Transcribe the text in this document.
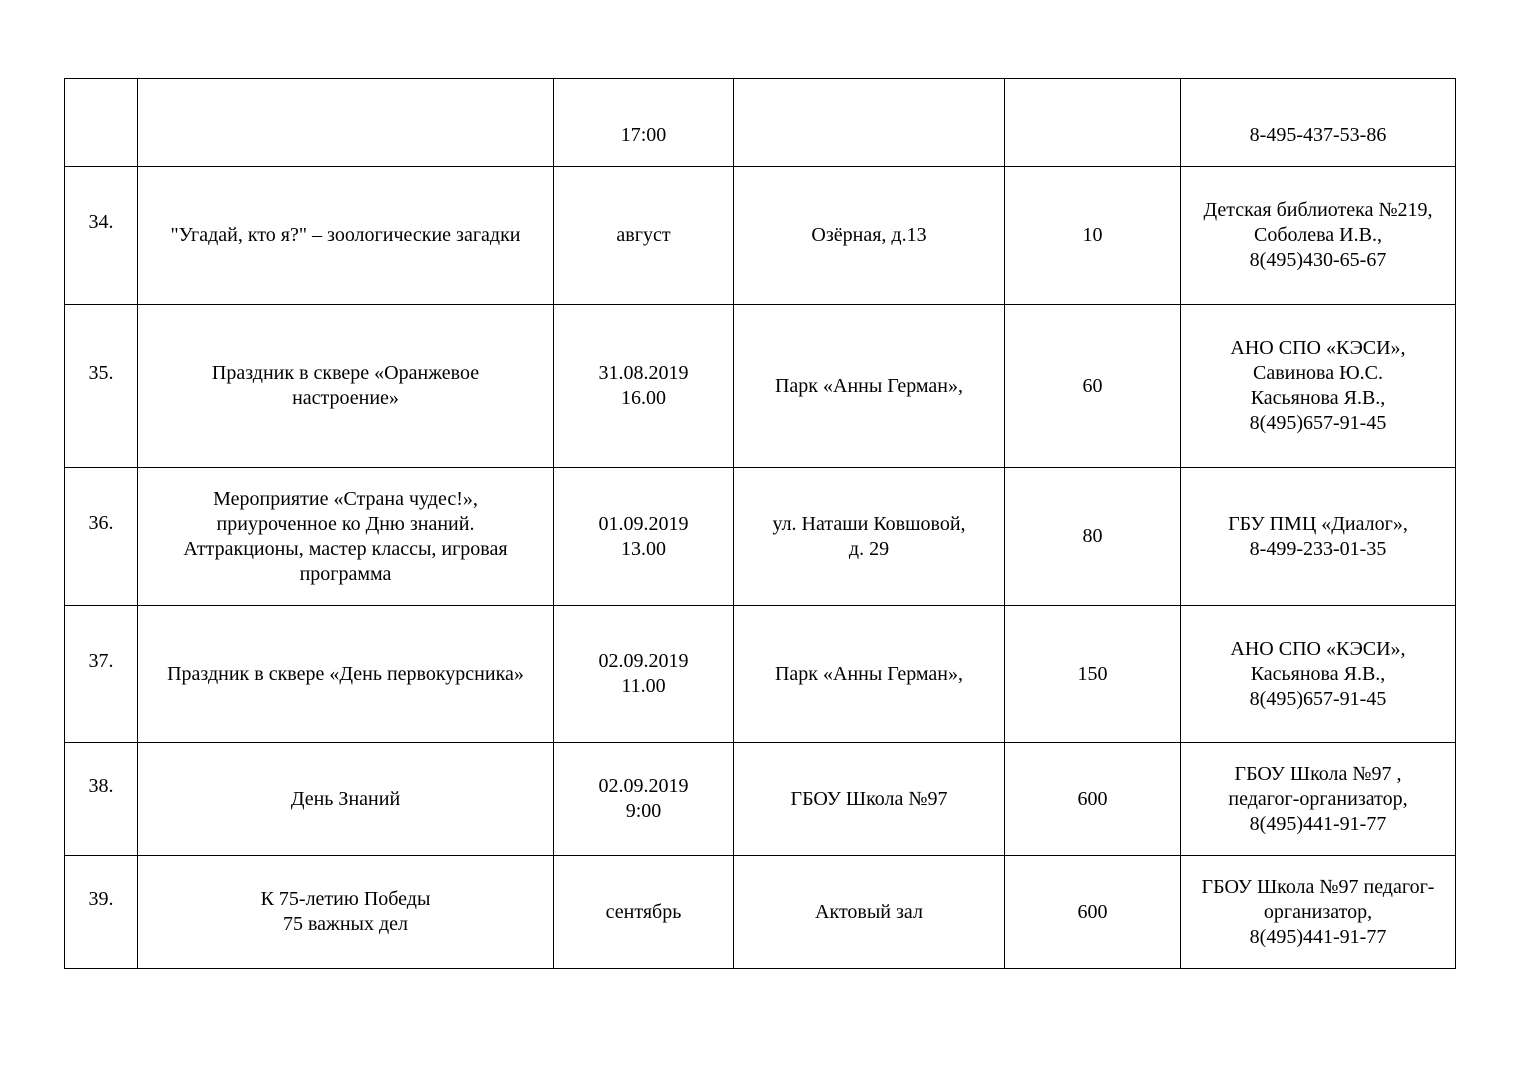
		17:00			8-495-437-53-86
34.	"Угадай, кто я?" – зоологические загадки	август	Озёрная, д.13	10	Детская библиотека №219,
Соболева И.В.,
8(495)430-65-67
35.	Праздник в сквере «Оранжевое
настроение»	31.08.2019
16.00	Парк «Анны Герман»,	60	АНО СПО «КЭСИ»,
Савинова Ю.С.
Касьянова Я.В.,
8(495)657-91-45
36.	Мероприятие «Страна чудес!»,
приуроченное ко Дню знаний.
Аттракционы, мастер классы, игровая
программа	01.09.2019
13.00	ул. Наташи Ковшовой,
д. 29	80	ГБУ ПМЦ «Диалог»,
8-499-233-01-35
37.	Праздник в сквере «День первокурсника»	02.09.2019
11.00	Парк «Анны Герман»,	150	АНО СПО «КЭСИ»,
Касьянова Я.В.,
8(495)657-91-45
38.	День Знаний	02.09.2019
9:00	ГБОУ Школа №97	600	ГБОУ Школа №97 ,
педагог-организатор,
8(495)441-91-77
39.	К 75-летию Победы
75 важных дел	сентябрь	Актовый зал	600	ГБОУ Школа №97 педагог-
организатор,
8(495)441-91-77
